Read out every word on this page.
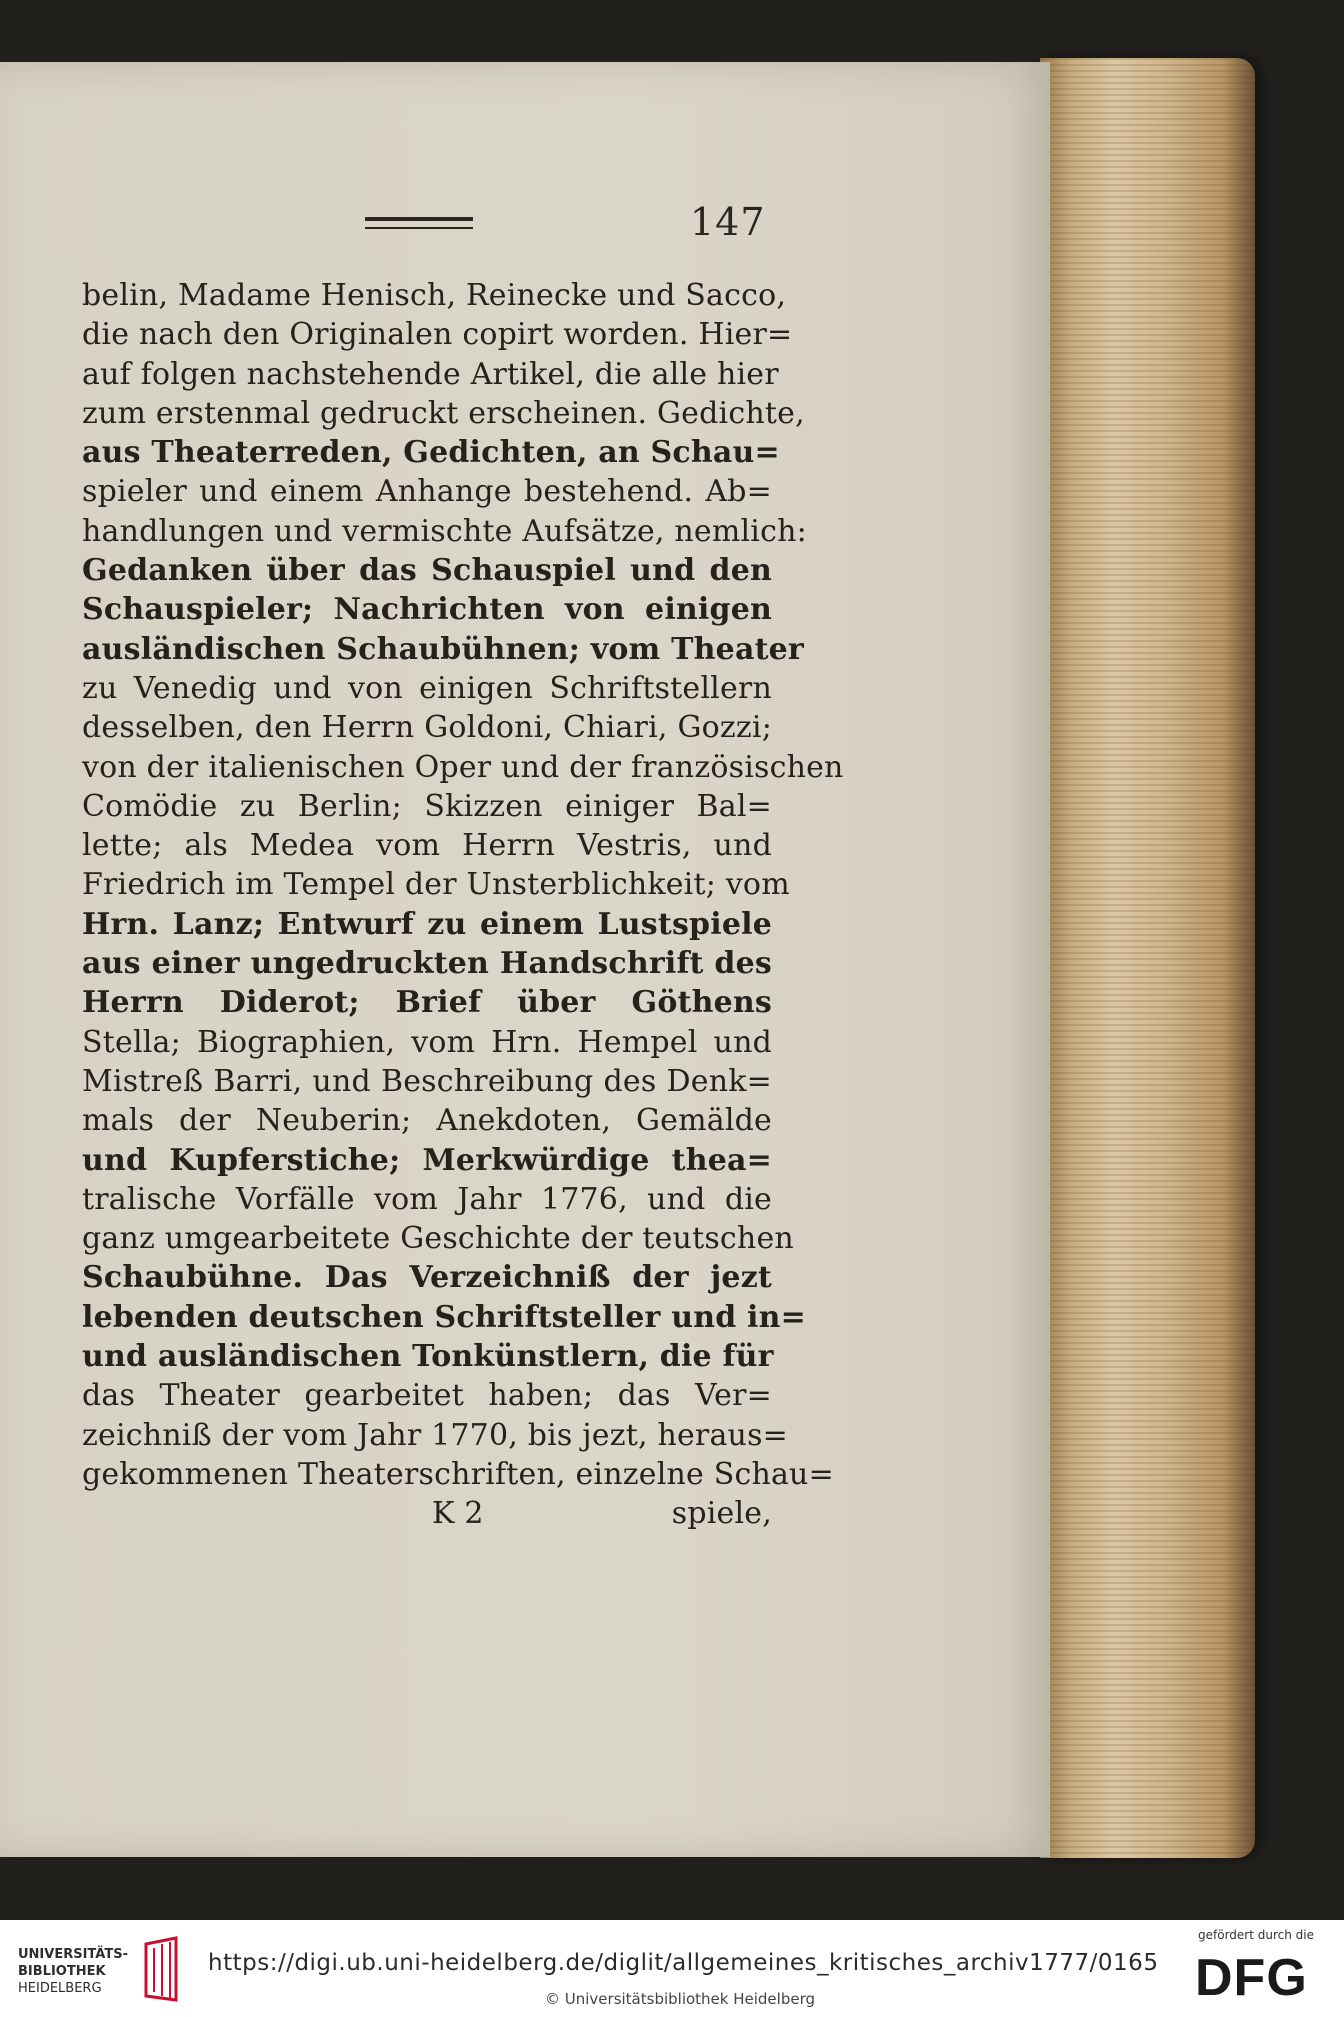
147
belin, Madame Henisch, Reinecke und Sacco,
die nach den Originalen copirt worden. Hier=
auf folgen nachstehende Artikel, die alle hier
zum erstenmal gedruckt erscheinen. Gedichte,
aus Theaterreden, Gedichten, an Schau=
spieler und einem Anhange bestehend. Ab=
handlungen und vermischte Aufsätze, nemlich:
Gedanken über das Schauspiel und den
Schauspieler; Nachrichten von einigen
ausländischen Schaubühnen; vom Theater
zu Venedig und von einigen Schriftstellern
desselben, den Herrn Goldoni, Chiari, Gozzi;
von der italienischen Oper und der französischen
Comödie zu Berlin; Skizzen einiger Bal=
lette; als Medea vom Herrn Vestris, und
Friedrich im Tempel der Unsterblichkeit; vom
Hrn. Lanz; Entwurf zu einem Lustspiele
aus einer ungedruckten Handschrift des
Herrn Diderot; Brief über Göthens
Stella; Biographien, vom Hrn. Hempel und
Mistreß Barri, und Beschreibung des Denk=
mals der Neuberin; Anekdoten, Gemälde
und Kupferstiche; Merkwürdige thea=
tralische Vorfälle vom Jahr 1776, und die
ganz umgearbeitete Geschichte der teutschen
Schaubühne. Das Verzeichniß der jezt
lebenden deutschen Schriftsteller und in=
und ausländischen Tonkünstlern, die für
das Theater gearbeitet haben; das Ver=
zeichniß der vom Jahr 1770, bis jezt, heraus=
gekommenen Theaterschriften, einzelne Schau=
K 2	spiele,
UNIVERSITÄTS-
BIBLIOTHEK
HEIDELBERG
https://digi.ub.uni-heidelberg.de/diglit/allgemeines_kritisches_archiv1777/0165
© Universitätsbibliothek Heidelberg
gefördert durch die
DFG
